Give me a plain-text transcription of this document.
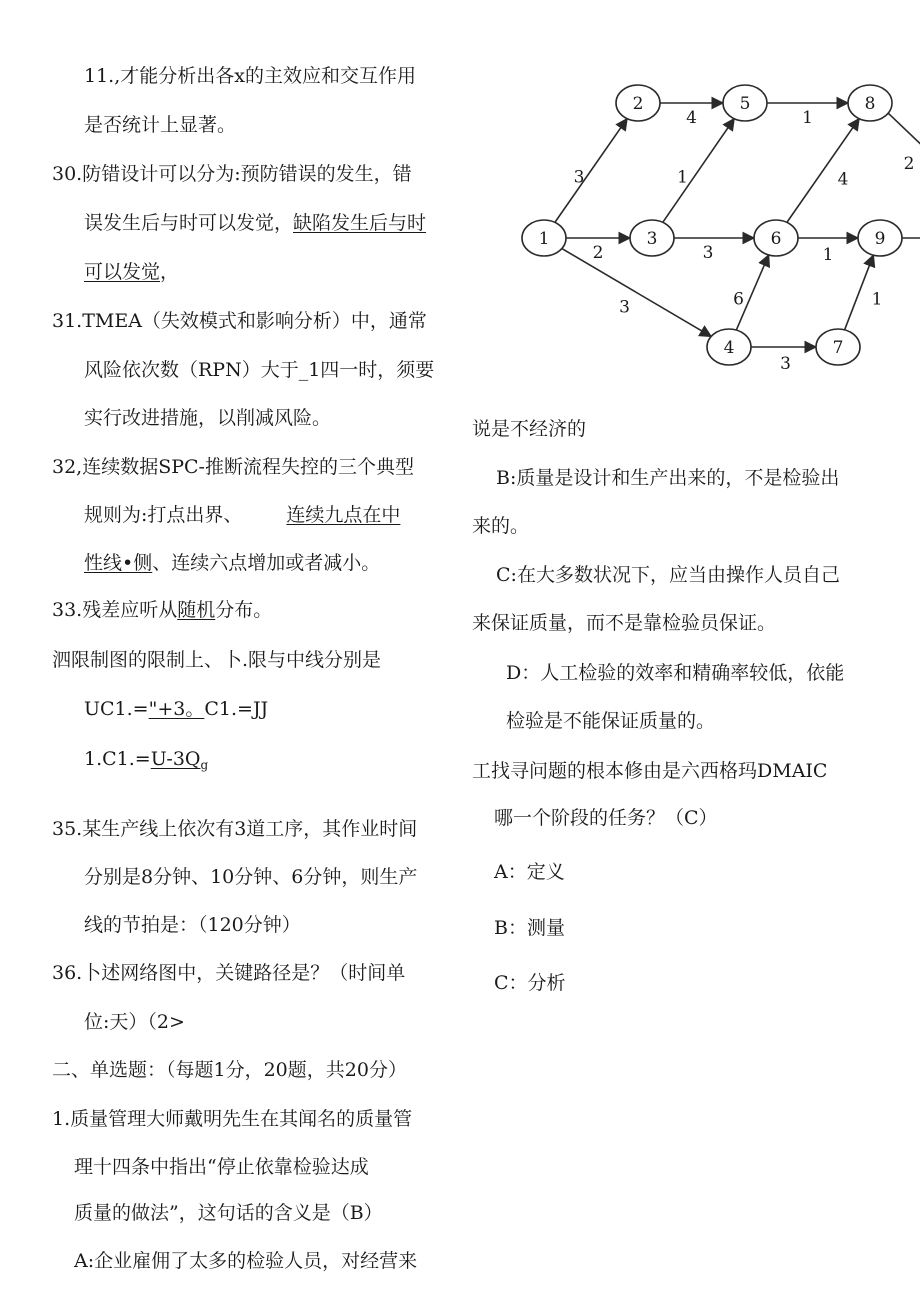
11.,才能分析出各x的主效应和交互作用
是否统计上显著。
30.防错设计可以分为:预防错误的发生，错
误发生后与时可以发觉，缺陷发生后与时
可以发觉，
31.TMEA（失效模式和影响分析）中，通常
风险依次数（RPN）大于_1四一时，须要
实行改进措施，以削减风险。
32,连续数据SPC-推断流程失控的三个典型
规则为:打点出界、 连续九点在中
性线•侧、连续六点增加或者减小。
33.残差应听从随机分布。
泗限制图的限制上、卜.限与中线分别是
UC1.="+3。C1.=JJ
$1.C1.=U-3Q_g$
35.某生产线上依次有3道工序，其作业时间
分别是8分钟、10分钟、6分钟，则生产
线的节拍是：（120分钟）
36.卜述网络图中，关键路径是？（时间单
位:天）（2>
二、单选题：（每题1分，20题，共20分）
1.质量管理大师戴明先生在其闻名的质量管
理十四条中指出“停止依靠检验达成
质量的做法”，这句话的含义是（B）
A:企业雇佣了太多的检验人员，对经营来
3
2
3
4
1
3
6
3
1
4
1
1
2
1
2
3
4
5
6
7
8
9
说是不经济的
B:质量是设计和生产出来的，不是检验出
来的。
C:在大多数状况下，应当由操作人员自己
来保证质量，而不是靠检验员保证。
D：人工检验的效率和精确率较低，依能
检验是不能保证质量的。
工找寻问题的根本修由是六西格玛DMAIC
哪一个阶段的任务？（C）
A：定义
B：测量
C：分析
